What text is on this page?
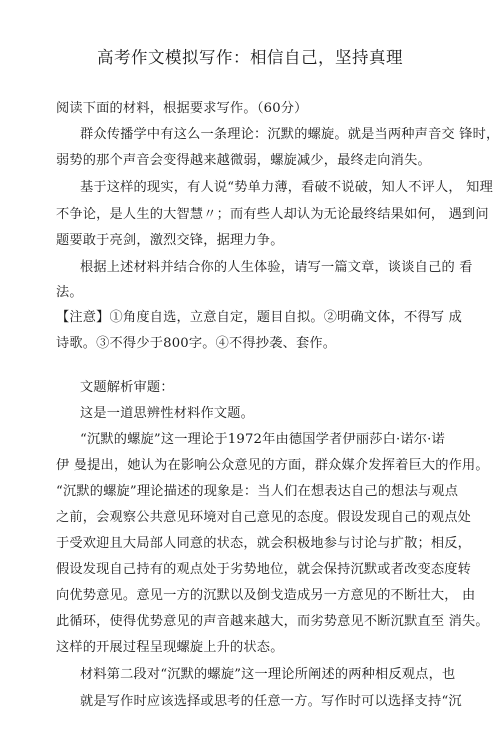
高考作文模拟写作：相信自己，坚持真理
阅读下面的材料，根据要求写作。（60分）
群众传播学中有这么一条理论：沉默的螺旋。就是当两种声音交 锋时，
弱势的那个声音会变得越来越微弱，螺旋减少，最终走向消失。
基于这样的现实，有人说“势单力薄，看破不说破，知人不评人， 知理
不争论，是人生的大智慧〃；而有些人却认为无论最终结果如何， 遇到问
题要敢于亮剑，激烈交锋，据理力争。
根据上述材料并结合你的人生体验，请写一篇文章，谈谈自己的 看
法。
【注意】①角度自选，立意自定，题目自拟。②明确文体，不得写 成
诗歌。③不得少于800字。④不得抄袭、套作。
文题解析审题：
这是一道思辨性材料作文题。
“沉默的螺旋”这一理论于1972年由德国学者伊丽莎白·诺尔·诺
伊 曼提出，她认为在影响公众意见的方面，群众媒介发挥着巨大的作用。
“沉默的螺旋”理论描述的现象是：当人们在想表达自己的想法与观点
之前，会观察公共意见环境对自己意见的态度。假设发现自己的观点处
于受欢迎且大局部人同意的状态，就会积极地参与讨论与扩散；相反，
假设发现自己持有的观点处于劣势地位，就会保持沉默或者改变态度转
向优势意见。意见一方的沉默以及倒戈造成另一方意见的不断壮大， 由
此循环，使得优势意见的声音越来越大，而劣势意见不断沉默直至 消失。
这样的开展过程呈现螺旋上升的状态。
材料第二段对“沉默的螺旋”这一理论所阐述的两种相反观点，也
就是写作时应该选择或思考的任意一方。写作时可以选择支持“沉
